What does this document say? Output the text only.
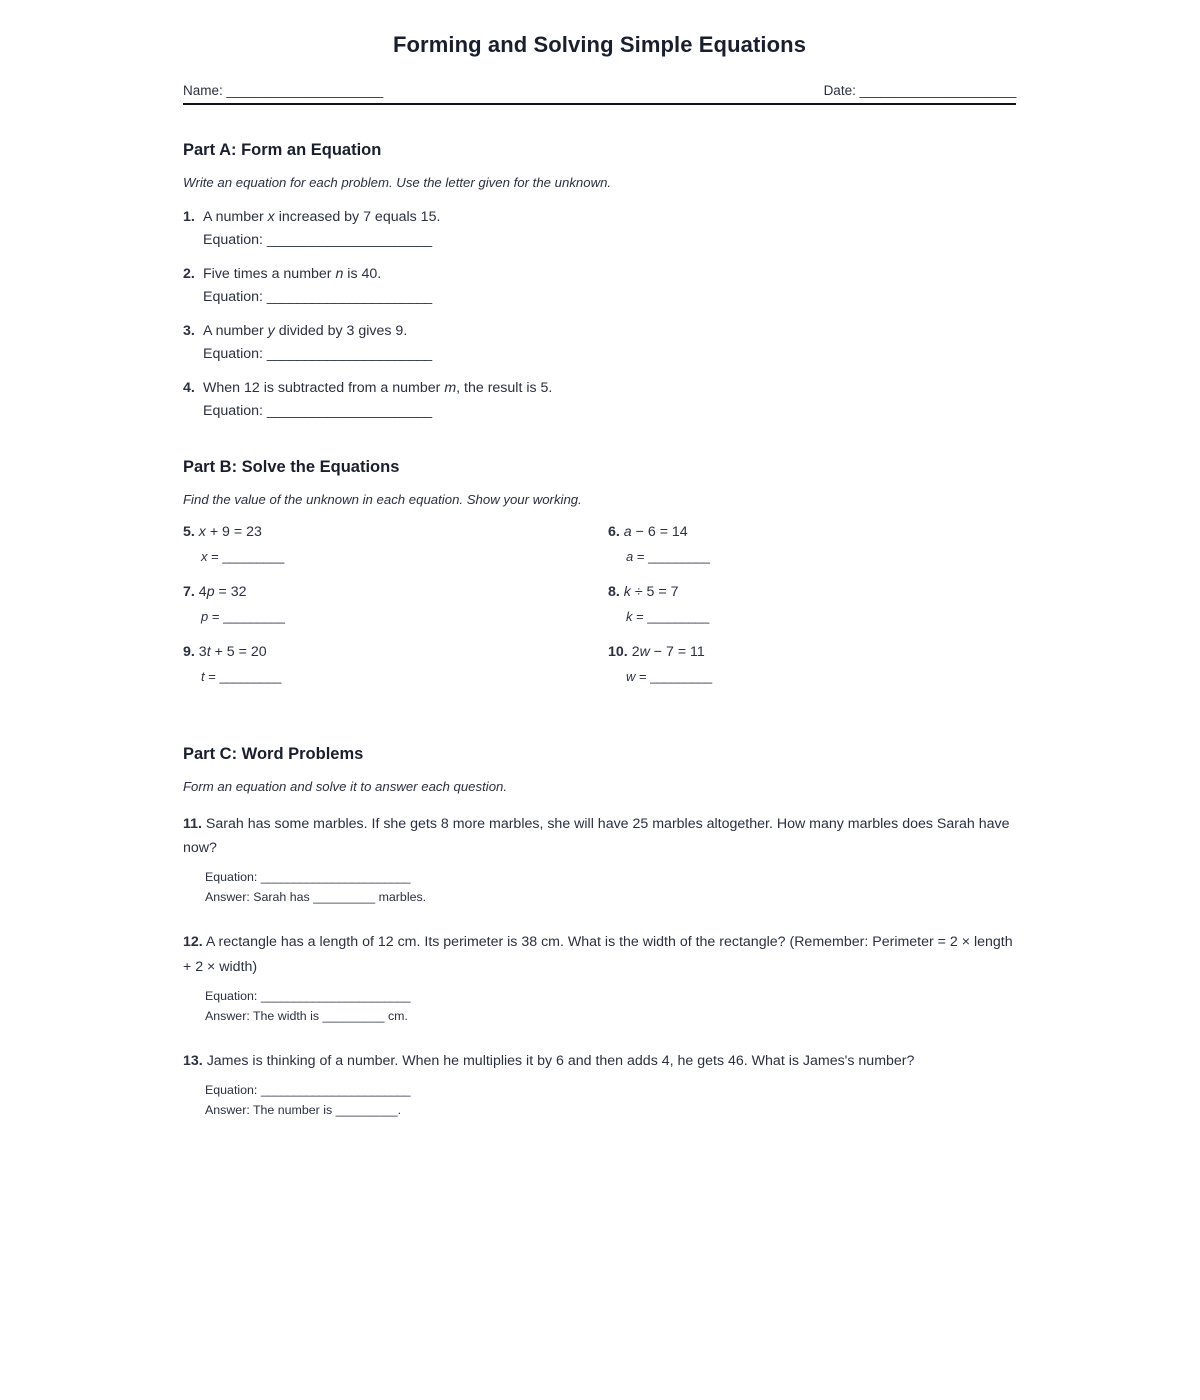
Forming and Solving Simple Equations
Name: ______________________	Date: ______________________
Part A: Form an Equation
Write an equation for each problem. Use the letter given for the unknown.
1. A number x increased by 7 equals 15.
Equation: ______________________
2. Five times a number n is 40.
Equation: ______________________
3. A number y divided by 3 gives 9.
Equation: ______________________
4. When 12 is subtracted from a number m, the result is 5.
Equation: ______________________
Part B: Solve the Equations
Find the value of the unknown in each equation. Show your working.
5. x + 9 = 23
x = _________
6. a − 6 = 14
a = _________
7. 4p = 32
p = _________
8. k ÷ 5 = 7
k = _________
9. 3t + 5 = 20
t = _________
10. 2w − 7 = 11
w = _________
Part C: Word Problems
Form an equation and solve it to answer each question.
11. Sarah has some marbles. If she gets 8 more marbles, she will have 25 marbles altogether. How many marbles does Sarah have now?
Equation: _______________________
Answer: Sarah has _________ marbles.
12. A rectangle has a length of 12 cm. Its perimeter is 38 cm. What is the width of the rectangle? (Remember: Perimeter = 2 × length + 2 × width)
Equation: _______________________
Answer: The width is _________ cm.
13. James is thinking of a number. When he multiplies it by 6 and then adds 4, he gets 46. What is James's number?
Equation: _______________________
Answer: The number is _________.
